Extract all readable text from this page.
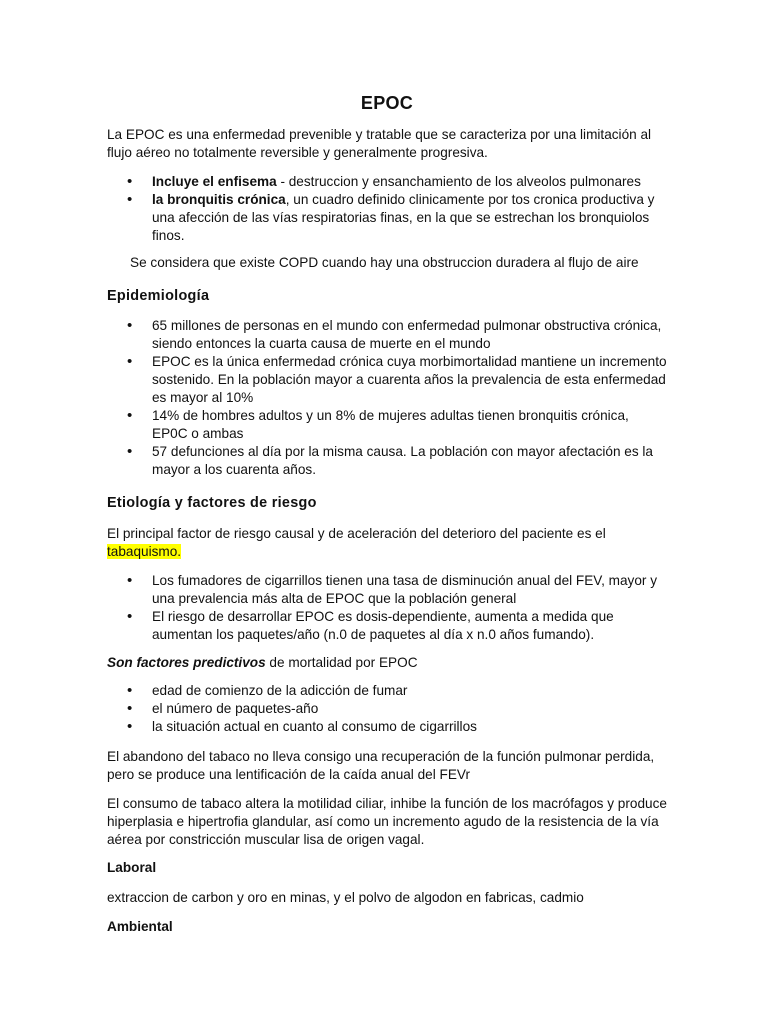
EPOC

La EPOC es una enfermedad prevenible y tratable que se caracteriza por una limitación al flujo aéreo no totalmente reversible y generalmente progresiva.

• Incluye el enfisema - destruccion y ensanchamiento de los alveolos pulmonares
• la bronquitis crónica, un cuadro definido clinicamente por tos cronica productiva y una afección de las vías respiratorias finas, en la que se estrechan los bronquiolos finos.

Se considera que existe COPD cuando hay una obstruccion duradera al flujo de aire

Epidemiología
• 65 millones de personas en el mundo con enfermedad pulmonar obstructiva crónica, siendo entonces la cuarta causa de muerte en el mundo
• EPOC es la única enfermedad crónica cuya morbimortalidad mantiene un incremento sostenido. En la población mayor a cuarenta años la prevalencia de esta enfermedad es mayor al 10%
• 14% de hombres adultos y un 8% de mujeres adultas tienen bronquitis crónica, EP0C o ambas
• 57 defunciones al día por la misma causa. La población con mayor afectación es la mayor a los cuarenta años.
Etiología y factores de riesgo

El principal factor de riesgo causal y de aceleración del deterioro del paciente es el tabaquismo.

• Los fumadores de cigarrillos tienen una tasa de disminución anual del FEV, mayor y una prevalencia más alta de EPOC que la población general
• El riesgo de desarrollar EPOC es dosis-dependiente, aumenta a medida que aumentan los paquetes/año (n.0 de paquetes al día x n.0 años fumando).

Son factores predictivos de mortalidad por EPOC

• edad de comienzo de la adicción de fumar
• el número de paquetes-año
• la situación actual en cuanto al consumo de cigarrillos

El abandono del tabaco no lleva consigo una recuperación de la función pulmonar perdida, pero se produce una lentificación de la caída anual del FEVr

El consumo de tabaco altera la motilidad ciliar, inhibe la función de los macrófagos y produce hiperplasia e hipertrofia glandular, así como un incremento agudo de la resistencia de la vía aérea por constricción muscular lisa de origen vagal.

Laboral

extraccion de carbon y oro en minas, y el polvo de algodon en fabricas, cadmio

Ambiental
